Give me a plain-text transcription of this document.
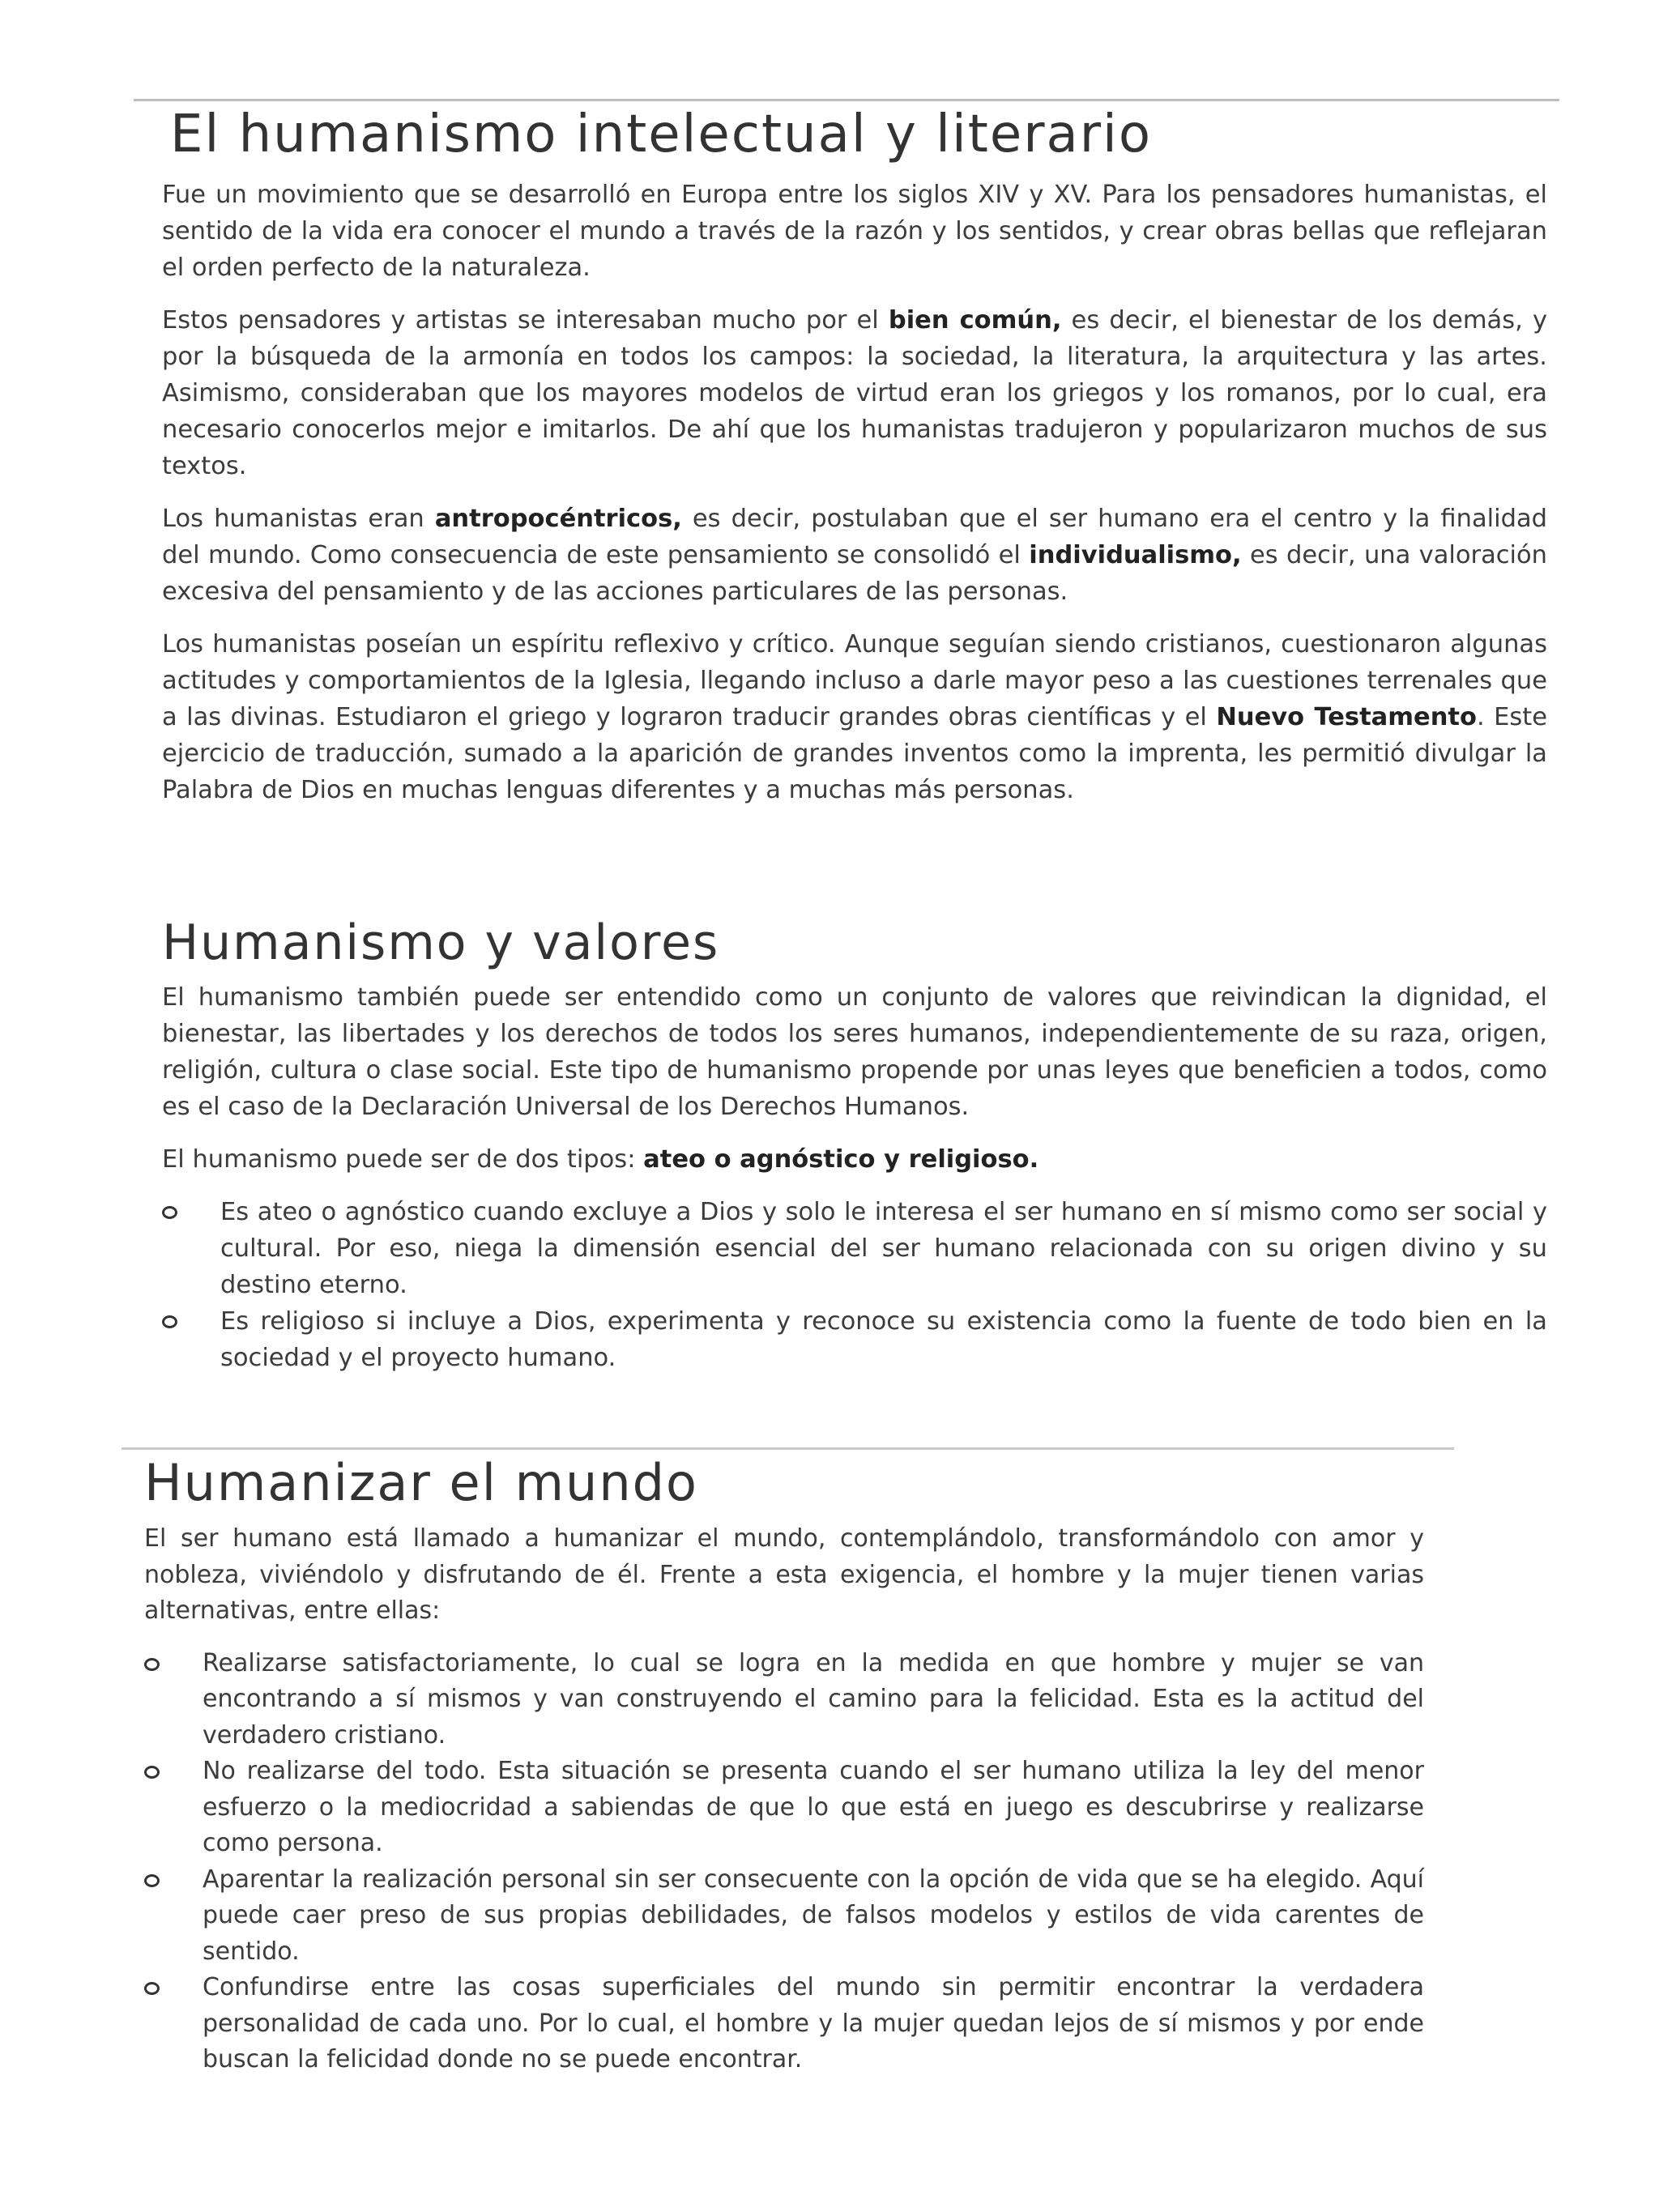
El humanismo intelectual y literario

Fue un movimiento que se desarrolló en Europa entre los siglos XIV y XV. Para los pensadores humanistas, el sentido de la vida era conocer el mundo a través de la razón y los sentidos, y crear obras bellas que reflejaran el orden perfecto de la naturaleza.

Estos pensadores y artistas se interesaban mucho por el bien común, es decir, el bienestar de los demás, y por la búsqueda de la armonía en todos los campos: la sociedad, la literatura, la arquitectura y las artes. Asimismo, consideraban que los mayores modelos de virtud eran los griegos y los romanos, por lo cual, era necesario conocerlos mejor e imitarlos. De ahí que los humanistas tradujeron y popularizaron muchos de sus textos.

Los humanistas eran antropocéntricos, es decir, postulaban que el ser humano era el centro y la finalidad del mundo. Como consecuencia de este pensamiento se consolidó el individualismo, es decir, una valoración excesiva del pensamiento y de las acciones particulares de las personas.

Los humanistas poseían un espíritu reflexivo y crítico. Aunque seguían siendo cristianos, cuestionaron algunas actitudes y comportamientos de la Iglesia, llegando incluso a darle mayor peso a las cuestiones terrenales que a las divinas. Estudiaron el griego y lograron traducir grandes obras científicas y el Nuevo Testamento. Este ejercicio de traducción, sumado a la aparición de grandes inventos como la imprenta, les permitió divulgar la Palabra de Dios en muchas lenguas diferentes y a muchas más personas.

Humanismo y valores

El humanismo también puede ser entendido como un conjunto de valores que reivindican la dignidad, el bienestar, las libertades y los derechos de todos los seres humanos, independientemente de su raza, origen, religión, cultura o clase social. Este tipo de humanismo propende por unas leyes que beneficien a todos, como es el caso de la Declaración Universal de los Derechos Humanos.

El humanismo puede ser de dos tipos: ateo o agnóstico y religioso.

Es ateo o agnóstico cuando excluye a Dios y solo le interesa el ser humano en sí mismo como ser social y cultural. Por eso, niega la dimensión esencial del ser humano relacionada con su origen divino y su destino eterno.
Es religioso si incluye a Dios, experimenta y reconoce su existencia como la fuente de todo bien en la sociedad y el proyecto humano.
Humanizar el mundo

El ser humano está llamado a humanizar el mundo, contemplándolo, transformándolo con amor y nobleza, viviéndolo y disfrutando de él. Frente a esta exigencia, el hombre y la mujer tienen varias alternativas, entre ellas:

Realizarse satisfactoriamente, lo cual se logra en la medida en que hombre y mujer se van encontrando a sí mismos y van construyendo el camino para la felicidad. Esta es la actitud del verdadero cristiano.
No realizarse del todo. Esta situación se presenta cuando el ser humano utiliza la ley del menor esfuerzo o la mediocridad a sabiendas de que lo que está en juego es descubrirse y realizarse como persona.
Aparentar la realización personal sin ser consecuente con la opción de vida que se ha elegido. Aquí puede caer preso de sus propias debilidades, de falsos modelos y estilos de vida carentes de sentido.
Confundirse entre las cosas superficiales del mundo sin permitir encontrar la verdadera personalidad de cada uno. Por lo cual, el hombre y la mujer quedan lejos de sí mismos y por ende buscan la felicidad donde no se puede encontrar.
